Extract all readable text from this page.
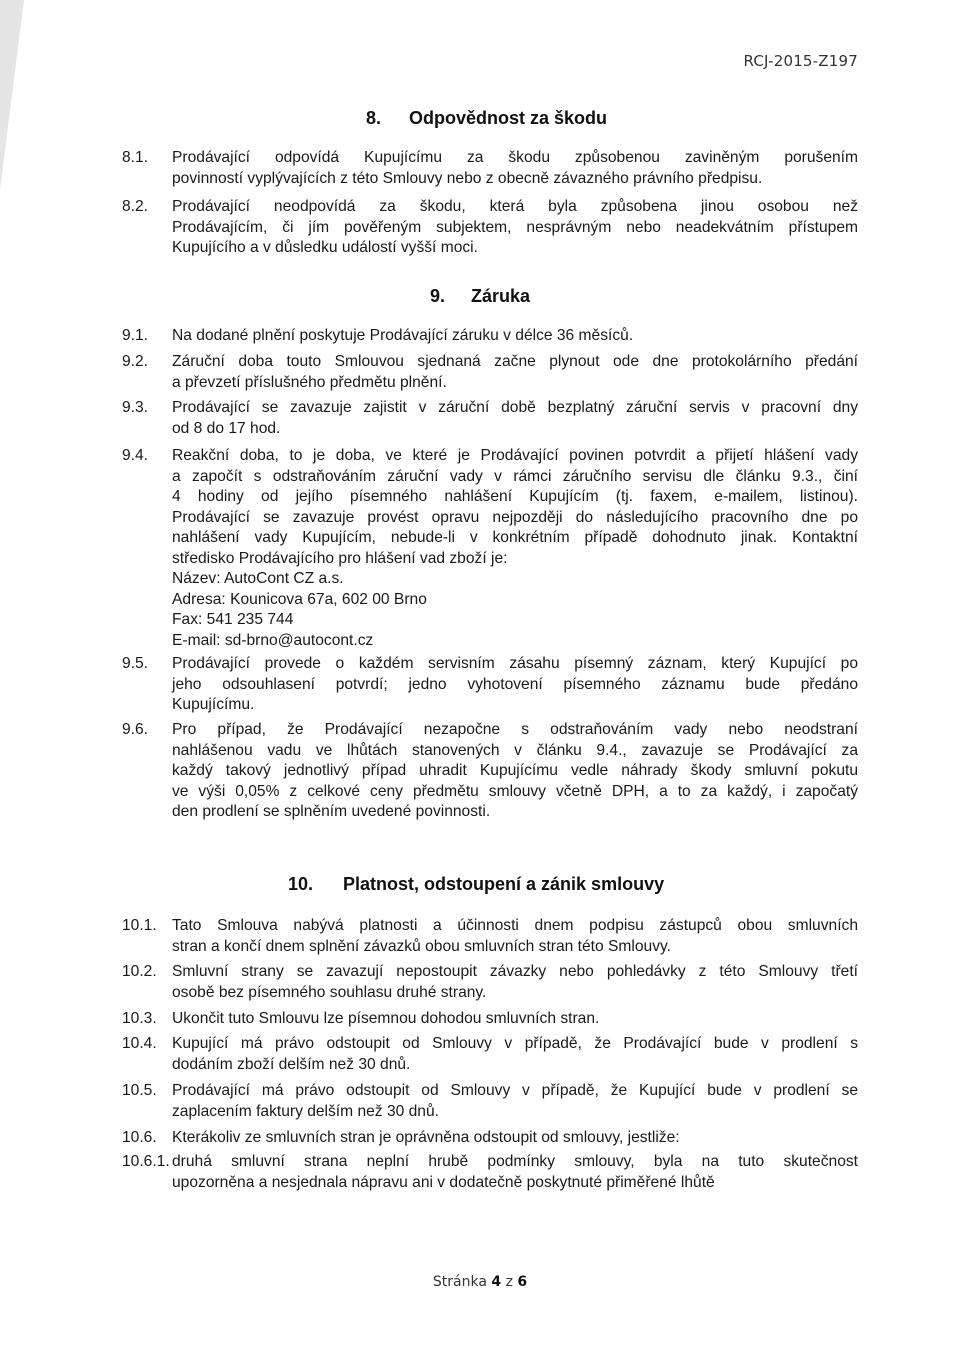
RCJ-2015-Z197
8. Odpovědnost za škodu
8.1. Prodávající odpovídá Kupujícímu za škodu způsobenou zaviněným porušením
povinností vyplývajících z této Smlouvy nebo z obecně závazného právního předpisu.
8.2. Prodávající neodpovídá za škodu, která byla způsobena jinou osobou než
Prodávajícím, či jím pověřeným subjektem, nesprávným nebo neadekvátním přístupem
Kupujícího a v důsledku událostí vyšší moci.
9. Záruka
9.1. Na dodané plnění poskytuje Prodávající záruku v délce 36 měsíců.
9.2. Záruční doba touto Smlouvou sjednaná začne plynout ode dne protokolárního předání
a převzetí příslušného předmětu plnění.
9.3. Prodávající se zavazuje zajistit v záruční době bezplatný záruční servis v pracovní dny
od 8 do 17 hod.
9.4. Reakční doba, to je doba, ve které je Prodávající povinen potvrdit a přijetí hlášení vady
a započít s odstraňováním záruční vady v rámci záručního servisu dle článku 9.3., činí
4 hodiny od jejího písemného nahlášení Kupujícím (tj. faxem, e-mailem, listinou).
Prodávající se zavazuje provést opravu nejpozději do následujícího pracovního dne po
nahlášení vady Kupujícím, nebude-li v konkrétním případě dohodnuto jinak. Kontaktní
středisko Prodávajícího pro hlášení vad zboží je:
Název: AutoCont CZ a.s.
Adresa: Kounicova 67a, 602 00 Brno
Fax: 541 235 744
E-mail: sd-brno@autocont.cz
9.5. Prodávající provede o každém servisním zásahu písemný záznam, který Kupující po
jeho odsouhlasení potvrdí; jedno vyhotovení písemného záznamu bude předáno
Kupujícímu.
9.6. Pro případ, že Prodávající nezapočne s odstraňováním vady nebo neodstraní
nahlášenou vadu ve lhůtách stanovených v článku 9.4., zavazuje se Prodávající za
každý takový jednotlivý případ uhradit Kupujícímu vedle náhrady škody smluvní pokutu
ve výši 0,05% z celkové ceny předmětu smlouvy včetně DPH, a to za každý, i započatý
den prodlení se splněním uvedené povinnosti.
10. Platnost, odstoupení a zánik smlouvy
10.1. Tato Smlouva nabývá platnosti a účinnosti dnem podpisu zástupců obou smluvních
stran a končí dnem splnění závazků obou smluvních stran této Smlouvy.
10.2. Smluvní strany se zavazují nepostoupit závazky nebo pohledávky z této Smlouvy třetí
osobě bez písemného souhlasu druhé strany.
10.3. Ukončit tuto Smlouvu lze písemnou dohodou smluvních stran.
10.4. Kupující má právo odstoupit od Smlouvy v případě, že Prodávající bude v prodlení s
dodáním zboží delším než 30 dnů.
10.5. Prodávající má právo odstoupit od Smlouvy v případě, že Kupující bude v prodlení se
zaplacením faktury delším než 30 dnů.
10.6. Kterákoliv ze smluvních stran je oprávněna odstoupit od smlouvy, jestliže:
10.6.1. druhá smluvní strana neplní hrubě podmínky smlouvy, byla na tuto skutečnost
upozorněna a nesjednala nápravu ani v dodatečně poskytnuté přiměřené lhůtě
Stránka 4 z 6
